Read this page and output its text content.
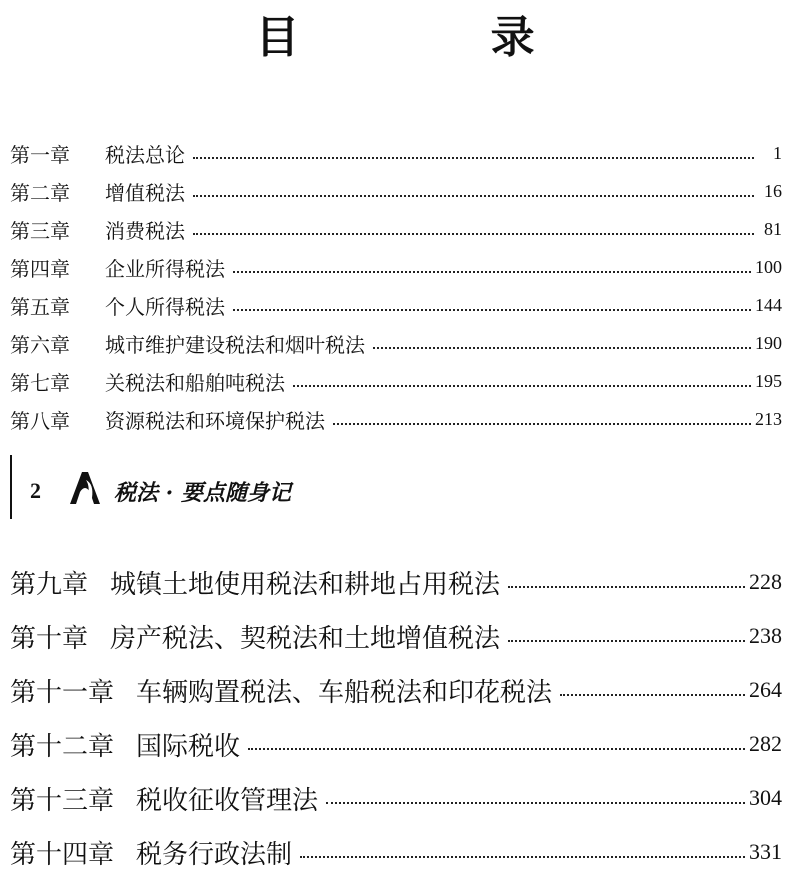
目 录
第一章	税法总论	1
第二章	增值税法	16
第三章	消费税法	81
第四章	企业所得税法	100
第五章	个人所得税法	144
第六章	城市维护建设税法和烟叶税法	190
第七章	关税法和船舶吨税法	195
第八章	资源税法和环境保护税法	213
2	税法 · 要点随身记
第九章 城镇土地使用税法和耕地占用税法	228
第十章 房产税法、契税法和土地增值税法	238
第十一章 车辆购置税法、车船税法和印花税法	264
第十二章 国际税收	282
第十三章 税收征收管理法	304
第十四章 税务行政法制	331
